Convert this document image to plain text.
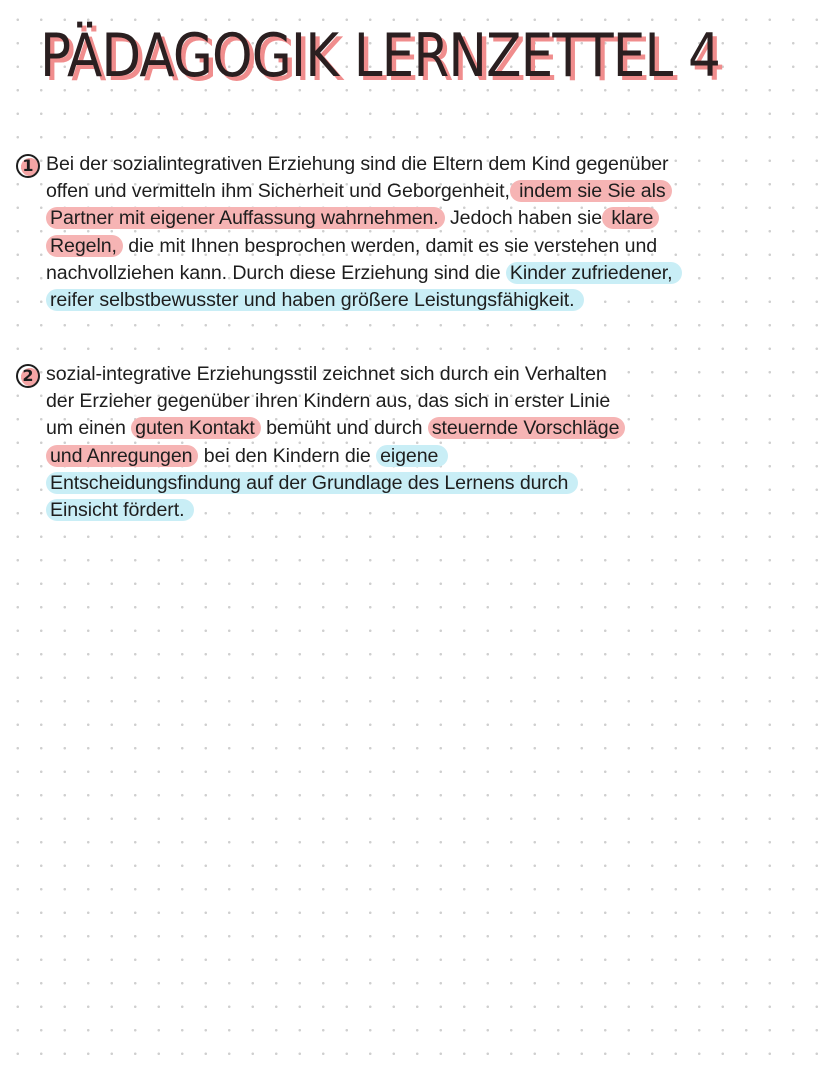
PÄDAGOGIK LERNZETTEL 4
1 Bei der sozialintegrativen Erziehung sind die Eltern dem Kind gegenüber
offen und vermitteln ihm Sicherheit und Geborgenheit, indem sie Sie als
Partner mit eigener Auffassung wahrnehmen. Jedoch haben sie klare
Regeln, die mit Ihnen besprochen werden, damit es sie verstehen und
nachvollziehen kann. Durch diese Erziehung sind die Kinder zufriedener,
reifer selbstbewusster und haben größere Leistungsfähigkeit.
2 sozial-integrative Erziehungsstil zeichnet sich durch ein Verhalten
der Erzieher gegenüber ihren Kindern aus, das sich in erster Linie
um einen guten Kontakt bemüht und durch steuernde Vorschläge
und Anregungen bei den Kindern die eigene
Entscheidungsfindung auf der Grundlage des Lernens durch
Einsicht fördert.
